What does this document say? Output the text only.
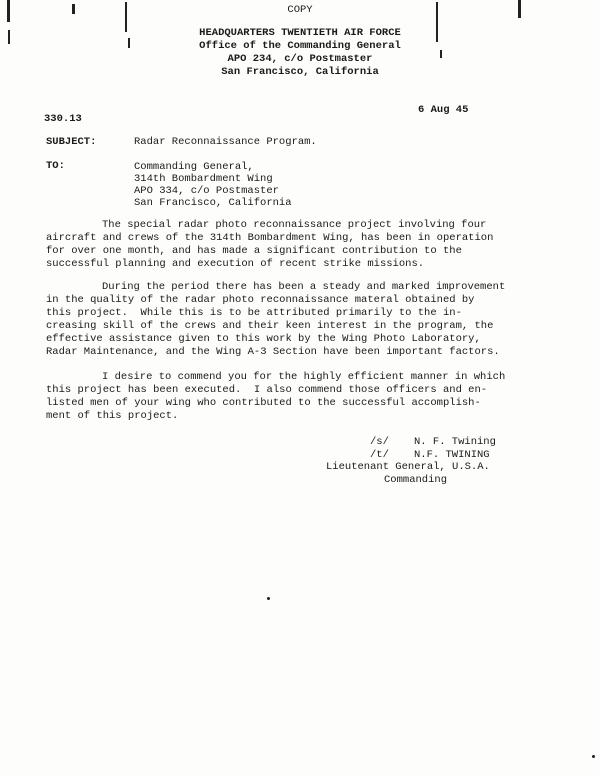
COPY
HEADQUARTERS TWENTIETH AIR FORCE
Office of the Commanding General
APO 234, c/o Postmaster
San Francisco, California
330.13
6 Aug 45
SUBJECT:	Radar Reconnaissance Program.
TO:	Commanding General,
314th Bombardment Wing
APO 334, c/o Postmaster
San Francisco, California
The special radar photo reconnaissance project involving four
aircraft and crews of the 314th Bombardment Wing, has been in operation
for over one month, and has made a significant contribution to the
successful planning and execution of recent strike missions.
During the period there has been a steady and marked improvement
in the quality of the radar photo reconnaissance materal obtained by
this project.  While this is to be attributed primarily to the in-
creasing skill of the crews and their keen interest in the program, the
effective assistance given to this work by the Wing Photo Laboratory,
Radar Maintenance, and the Wing A-3 Section have been important factors.
I desire to commend you for the highly efficient manner in which
this project has been executed.  I also commend those officers and en-
listed men of your wing who contributed to the successful accomplish-
ment of this project.
/s/ N. F. Twining
/t/ N.F. TWINING
Lieutenant General, U.S.A.
Commanding
